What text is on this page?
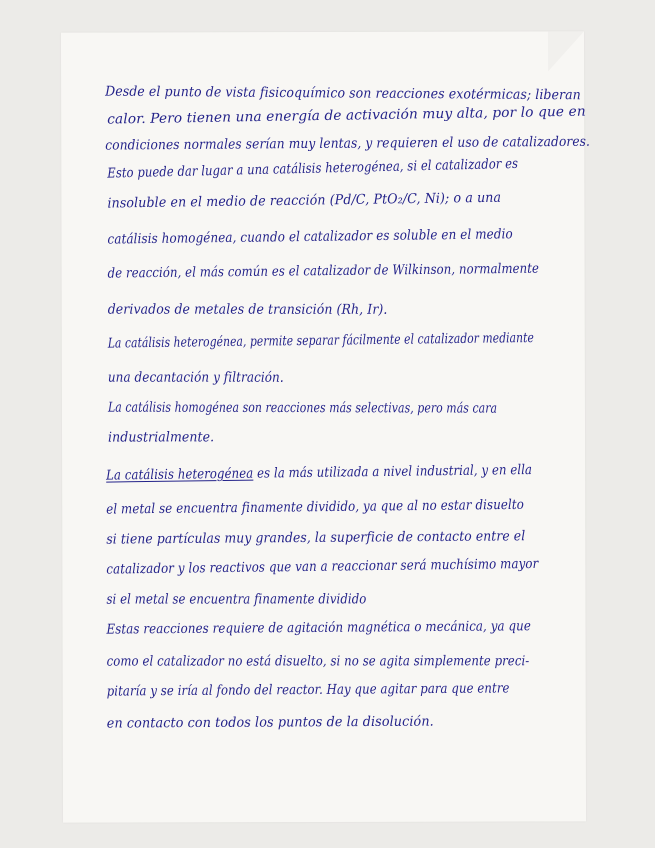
Desde el punto de vista fisicoquímico son reacciones exotérmicas; liberan
calor. Pero tienen una energía de activación muy alta, por lo que en
condiciones normales serían muy lentas, y requieren el uso de catalizadores.
Esto puede dar lugar a una catálisis heterogénea, si el catalizador es
insoluble en el medio de reacción (Pd/C, PtO₂/C, Ni); o a una
catálisis homogénea, cuando el catalizador es soluble en el medio
de reacción, el más común es el catalizador de Wilkinson, normalmente
derivados de metales de transición (Rh, Ir).
La catálisis heterogénea, permite separar fácilmente el catalizador mediante
una decantación y filtración.
La catálisis homogénea son reacciones más selectivas, pero más cara
industrialmente.
La catálisis heterogénea es la más utilizada a nivel industrial, y en ella
el metal se encuentra finamente dividido, ya que al no estar disuelto
si tiene partículas muy grandes, la superficie de contacto entre el
catalizador y los reactivos que van a reaccionar será muchísimo mayor
si el metal se encuentra finamente dividido
Estas reacciones requiere de agitación magnética o mecánica, ya que
como el catalizador no está disuelto, si no se agita simplemente preci-
pitaría y se iría al fondo del reactor. Hay que agitar para que entre
en contacto con todos los puntos de la disolución.
